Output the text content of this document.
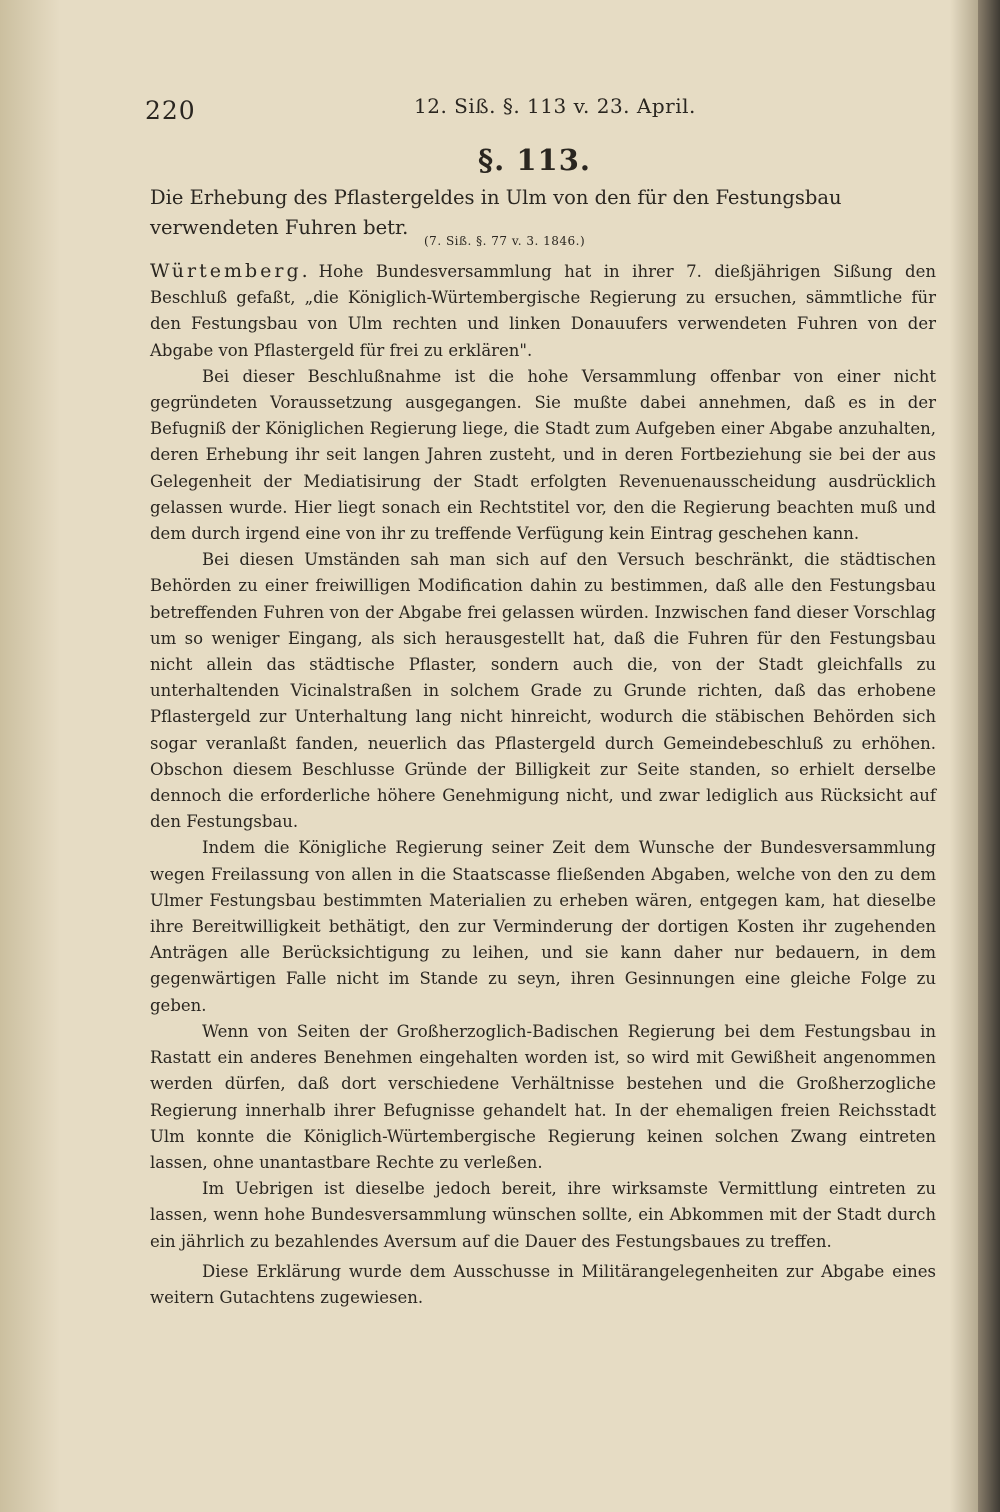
220	12. Siß. §. 113 v. 23. April.
§. 113.
Die Erhebung des Pflastergeldes in Ulm von den für den Festungsbau verwendeten Fuhren betr.
(7. Siß. §. 77 v. 3. 1846.)

Würtemberg. Hohe Bundesversammlung hat in ihrer 7. dießjährigen Sißung den Beschluß gefaßt, „die Königlich-Würtembergische Regierung zu ersuchen, sämmtliche für den Festungsbau von Ulm rechten und linken Donauufers verwendeten Fuhren von der Abgabe von Pflastergeld für frei zu erklären".

Bei dieser Beschlußnahme ist die hohe Versammlung offenbar von einer nicht gegründeten Voraussetzung ausgegangen. Sie mußte dabei annehmen, daß es in der Befugniß der Königlichen Regierung liege, die Stadt zum Aufgeben einer Abgabe anzuhalten, deren Erhebung ihr seit langen Jahren zusteht, und in deren Fortbeziehung sie bei der aus Gelegenheit der Mediatisirung der Stadt erfolgten Revenuenausscheidung ausdrücklich gelassen wurde. Hier liegt sonach ein Rechtstitel vor, den die Regierung beachten muß und dem durch irgend eine von ihr zu treffende Verfügung kein Eintrag geschehen kann.

Bei diesen Umständen sah man sich auf den Versuch beschränkt, die städtischen Behörden zu einer freiwilligen Modification dahin zu bestimmen, daß alle den Festungsbau betreffenden Fuhren von der Abgabe frei gelassen würden. Inzwischen fand dieser Vorschlag um so weniger Eingang, als sich herausgestellt hat, daß die Fuhren für den Festungsbau nicht allein das städtische Pflaster, sondern auch die, von der Stadt gleichfalls zu unterhaltenden Vicinalstraßen in solchem Grade zu Grunde richten, daß das erhobene Pflastergeld zur Unterhaltung lang nicht hinreicht, wodurch die stäbischen Behörden sich sogar veranlaßt fanden, neuerlich das Pflastergeld durch Gemeindebeschluß zu erhöhen. Obschon diesem Beschlusse Gründe der Billigkeit zur Seite standen, so erhielt derselbe dennoch die erforderliche höhere Genehmigung nicht, und zwar lediglich aus Rücksicht auf den Festungsbau.

Indem die Königliche Regierung seiner Zeit dem Wunsche der Bundesversammlung wegen Freilassung von allen in die Staatscasse fließenden Abgaben, welche von den zu dem Ulmer Festungsbau bestimmten Materialien zu erheben wären, entgegen kam, hat dieselbe ihre Bereitwilligkeit bethätigt, den zur Verminderung der dortigen Kosten ihr zugehenden Anträgen alle Berücksichtigung zu leihen, und sie kann daher nur bedauern, in dem gegenwärtigen Falle nicht im Stande zu seyn, ihren Gesinnungen eine gleiche Folge zu geben.

Wenn von Seiten der Großherzoglich-Badischen Regierung bei dem Festungsbau in Rastatt ein anderes Benehmen eingehalten worden ist, so wird mit Gewißheit angenommen werden dürfen, daß dort verschiedene Verhältnisse bestehen und die Großherzogliche Regierung innerhalb ihrer Befugnisse gehandelt hat. In der ehemaligen freien Reichsstadt Ulm konnte die Königlich-Würtembergische Regierung keinen solchen Zwang eintreten lassen, ohne unantastbare Rechte zu verleßen.

Im Uebrigen ist dieselbe jedoch bereit, ihre wirksamste Vermittlung eintreten zu lassen, wenn hohe Bundesversammlung wünschen sollte, ein Abkommen mit der Stadt durch ein jährlich zu bezahlendes Aversum auf die Dauer des Festungsbaues zu treffen.

Diese Erklärung wurde dem Ausschusse in Militärangelegenheiten zur Abgabe eines weitern Gutachtens zugewiesen.
